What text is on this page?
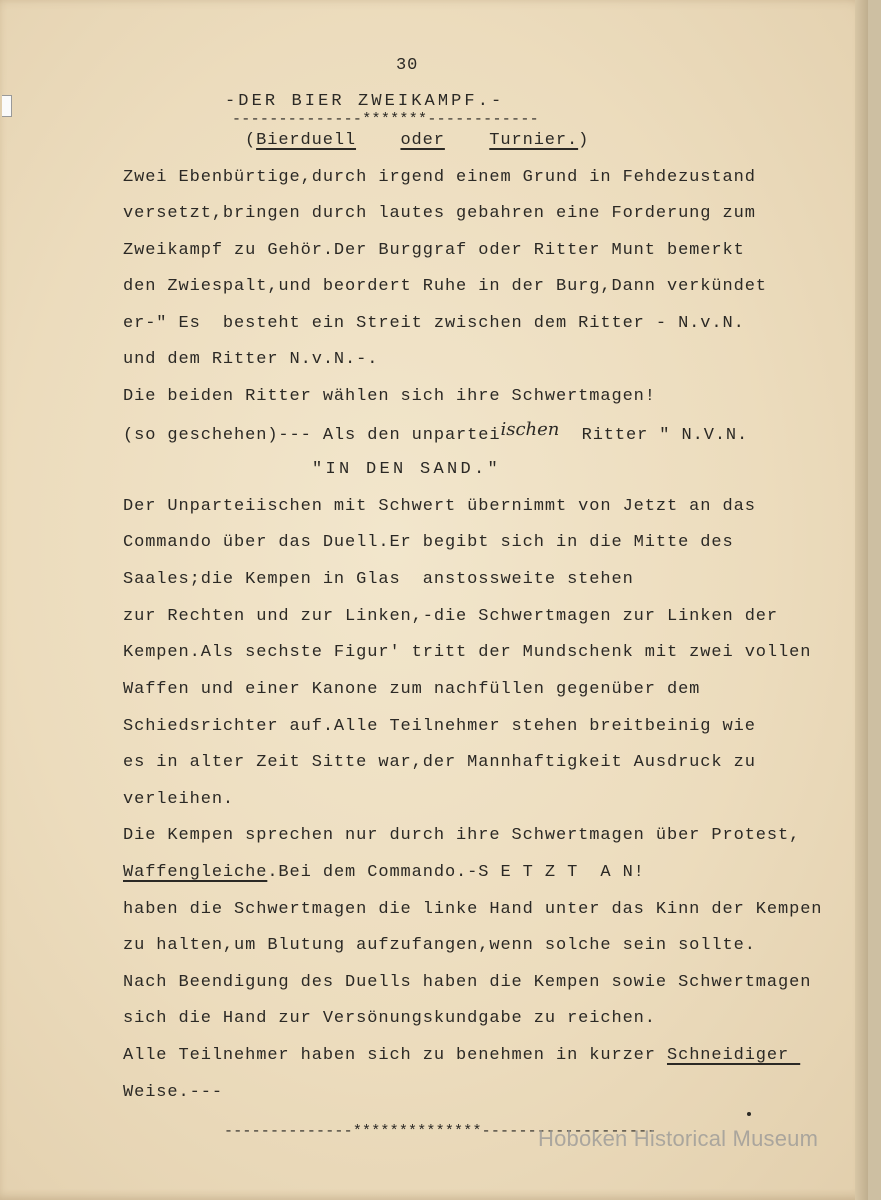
30
-DER BIER ZWEIKAMPF.-
--------------*******------------
(Bierduell	oder	Turnier.)
Zwei Ebenbürtige,durch irgend einem Grund in Fehdezustand
versetzt,bringen durch lautes gebahren eine Forderung zum
Zweikampf zu Gehör.Der Burggraf oder Ritter Munt bemerkt
den Zwiespalt,und beordert Ruhe in der Burg,Dann verkündet
er-" Es  besteht ein Streit zwischen dem Ritter - N.v.N.
und dem Ritter N.v.N.-.
Die beiden Ritter wählen sich ihre Schwertmagen!
(so geschehen)--- Als den unparteiischen  Ritter " N.V.N.
"IN DEN SAND."
Der Unparteiischen mit Schwert übernimmt von Jetzt an das
Commando über das Duell.Er begibt sich in die Mitte des
Saales;die Kempen in Glas  anstossweite stehen
zur Rechten und zur Linken,-die Schwertmagen zur Linken der
Kempen.Als sechste Figur' tritt der Mundschenk mit zwei vollen
Waffen und einer Kanone zum nachfüllen gegenüber dem
Schiedsrichter auf.Alle Teilnehmer stehen breitbeinig wie
es in alter Zeit Sitte war,der Mannhaftigkeit Ausdruck zu
verleihen.
Die Kempen sprechen nur durch ihre Schwertmagen über Protest,
Waffengleiche.Bei dem Commando.-S E T Z T  A N!
haben die Schwertmagen die linke Hand unter das Kinn der Kempen
zu halten,um Blutung aufzufangen,wenn solche sein sollte.
Nach Beendigung des Duells haben die Kempen sowie Schwertmagen
sich die Hand zur Versönungskundgabe zu reichen.
Alle Teilnehmer haben sich zu benehmen in kurzer Schneidiger
Weise.---
--------------**************-------------------
Hoboken Historical Museum
